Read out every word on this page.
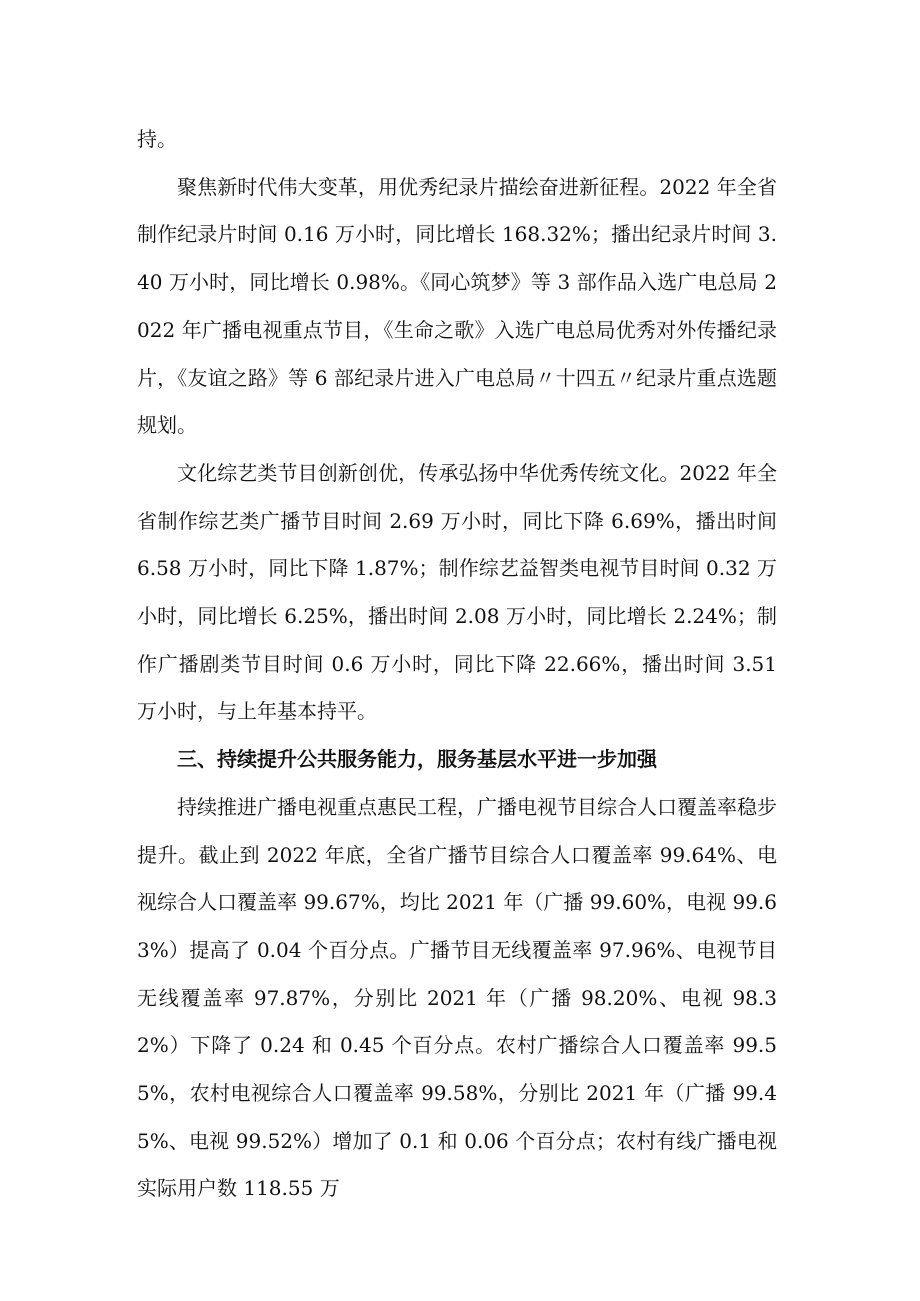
持。

聚焦新时代伟大变革，用优秀纪录片描绘奋进新征程。2022 年全省制作纪录片时间 0.16 万小时，同比增长 168.32%；播出纪录片时间 3.40 万小时，同比增长 0.98%。《同心筑梦》等 3 部作品入选广电总局 2022 年广播电视重点节目，《生命之歌》入选广电总局优秀对外传播纪录片，《友谊之路》等 6 部纪录片进入广电总局〃十四五〃纪录片重点选题规划。

文化综艺类节目创新创优，传承弘扬中华优秀传统文化。2022 年全省制作综艺类广播节目时间 2.69 万小时，同比下降 6.69%，播出时间 6.58 万小时，同比下降 1.87%；制作综艺益智类电视节目时间 0.32 万小时，同比增长 6.25%，播出时间 2.08 万小时，同比增长 2.24%；制作广播剧类节目时间 0.6 万小时，同比下降 22.66%，播出时间 3.51 万小时，与上年基本持平。

三、持续提升公共服务能力，服务基层水平进一步加强

持续推进广播电视重点惠民工程，广播电视节目综合人口覆盖率稳步提升。截止到 2022 年底，全省广播节目综合人口覆盖率 99.64%、电视综合人口覆盖率 99.67%，均比 2021 年（广播 99.60%，电视 99.63%）提高了 0.04 个百分点。广播节目无线覆盖率 97.96%、电视节目无线覆盖率 97.87%，分别比 2021 年（广播 98.20%、电视 98.32%）下降了 0.24 和 0.45 个百分点。农村广播综合人口覆盖率 99.55%，农村电视综合人口覆盖率 99.58%，分别比 2021 年（广播 99.45%、电视 99.52%）增加了 0.1 和 0.06 个百分点；农村有线广播电视实际用户数 118.55 万
